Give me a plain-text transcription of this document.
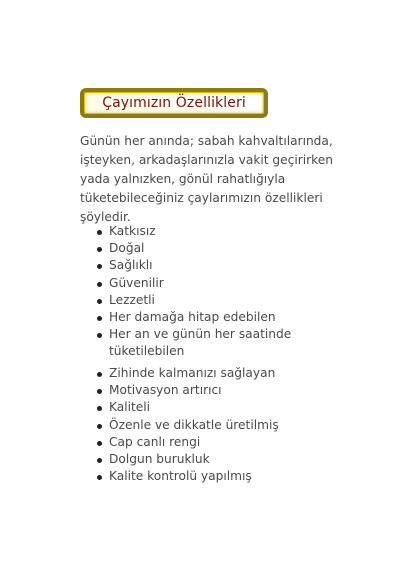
Çayımızın Özellikleri

Günün her anında; sabah kahvaltılarında, işteyken, arkadaşlarınızla vakit geçirirken yada yalnızken, gönül rahatlığıyla tüketebileceğiniz çaylarımızın özellikleri şöyledir.

Katkısız
Doğal
Sağlıklı
Güvenilir
Lezzetli
Her damağa hitap edebilen
Her an ve günün her saatinde tüketilebilen
Zihinde kalmanızı sağlayan
Motivasyon artırıcı
Kaliteli
Özenle ve dikkatle üretilmiş
Cap canlı rengi
Dolgun burukluk
Kalite kontrolü yapılmış
